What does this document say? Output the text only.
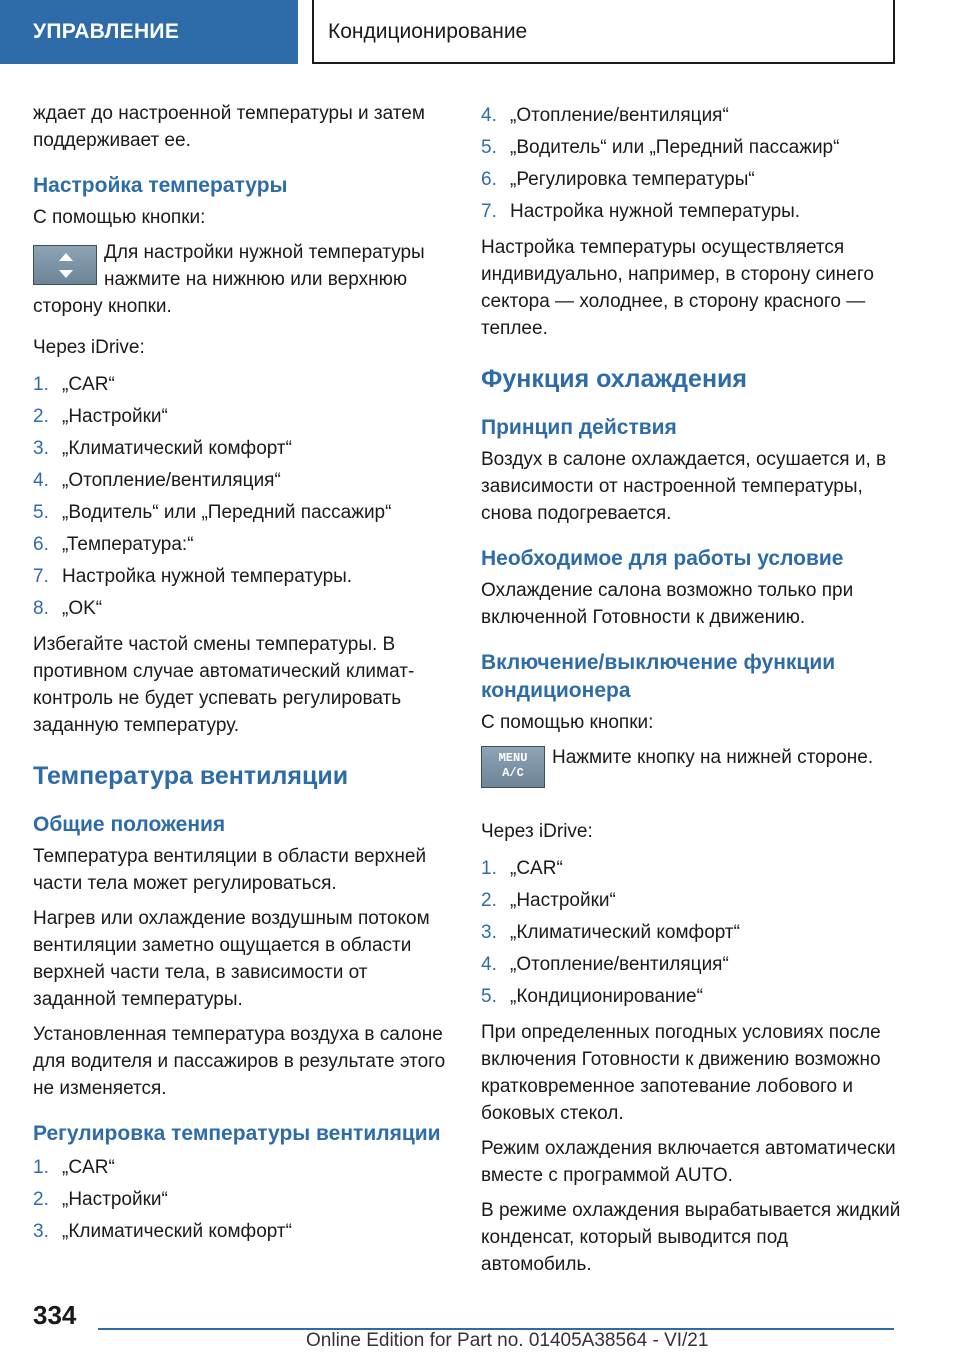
УПРАВЛЕНИЕ	Кондиционирование

ждает до настроенной температуры и затем поддерживает ее.

Настройка температуры

С помощью кнопки:

Для настройки нужной температуры нажмите на нижнюю или верхнюю сторону кнопки.

Через iDrive:

1. „CAR“
2. „Настройки“
3. „Климатический комфорт“
4. „Отопление/вентиляция“
5. „Водитель“ или „Передний пассажир“
6. „Температура:“
7. Настройка нужной температуры.
8. „OK“

Избегайте частой смены температуры. В противном случае автоматический климат-контроль не будет успевать регулировать заданную температуру.

Температура вентиляции
Общие положения

Температура вентиляции в области верхней части тела может регулироваться.

Нагрев или охлаждение воздушным потоком вентиляции заметно ощущается в области верхней части тела, в зависимости от заданной температуры.

Установленная температура воздуха в салоне для водителя и пассажиров в результате этого не изменяется.

Регулировка температуры вентиляции
1. „CAR“
2. „Настройки“
3. „Климатический комфорт“
4. „Отопление/вентиляция“
5. „Водитель“ или „Передний пассажир“
6. „Регулировка температуры“
7. Настройка нужной температуры.

Настройка температуры осуществляется индивидуально, например, в сторону синего сектора — холоднее, в сторону красного — теплее.

Функция охлаждения
Принцип действия

Воздух в салоне охлаждается, осушается и, в зависимости от настроенной температуры, снова подогревается.

Необходимое для работы условие

Охлаждение салона возможно только при включенной Готовности к движению.

Включение/выключение функции кондиционера

С помощью кнопки:

MENU
A/C

Нажмите кнопку на нижней стороне.

Через iDrive:

1. „CAR“
2. „Настройки“
3. „Климатический комфорт“
4. „Отопление/вентиляция“
5. „Кондиционирование“

При определенных погодных условиях после включения Готовности к движению возможно кратковременное запотевание лобового и боковых стекол.

Режим охлаждения включается автоматически вместе с программой AUTO.

В режиме охлаждения вырабатывается жидкий конденсат, который выводится под автомобиль.

334
Online Edition for Part no. 01405A38564 - VI/21
